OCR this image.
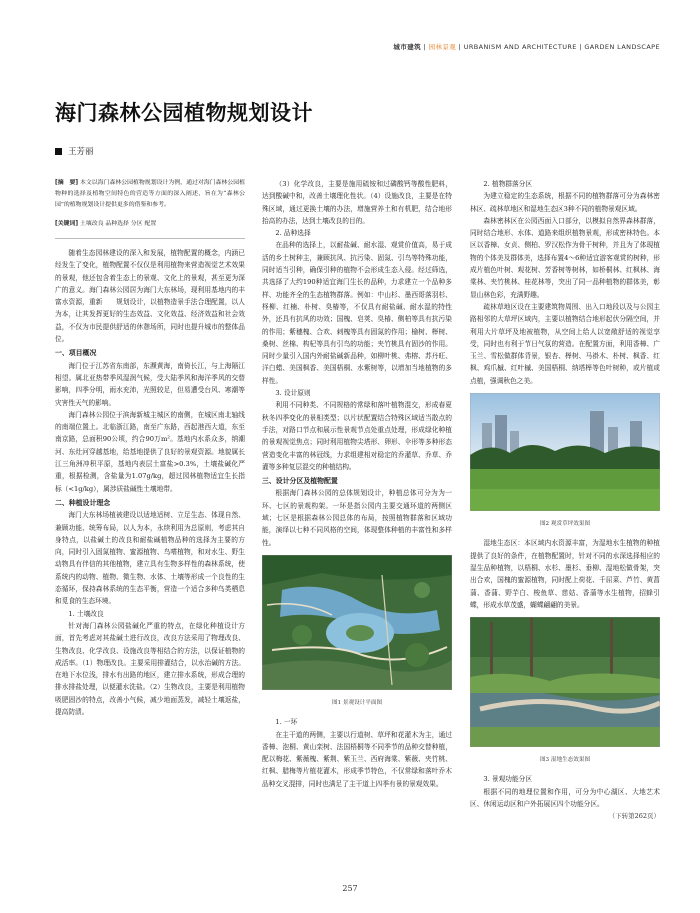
城市建筑 | 园林景观 | URBANISM AND ARCHITECTURE | GARDEN LANDSCAPE
海门森林公园植物规划设计
王芳丽

[摘　要] 本文以海门森林公园植物规划设计为例，通过对海门森林公园植物种的选择及植物空间特色的营造等方面的深入阐述，旨在为“森林公园”的植物规划设计提供更多的借鉴和参考。

[关键词] 土壤改良 品种选择 分区 配置

随着生态园林建设的深入和发展，植物配置的概念，内涵已经发生了变化，植物配置不仅仅是利用植物来营造视觉艺术效果的景观，他还包含着生态上的景观、文化上的景观，甚至更为深广的意义。海门森林公园居为海门大东林场，现利用基地内的丰富水资源，重新　　规划设计，以植物造景手法合理配置，以人为本，让其发挥更好的生态效益、文化效益、经济效益和社会效益，不仅为市民提供舒适的休憩场所，同时也提升城市的整体品位。

一、项目概况

海门位于江苏省东南部，东濒黄海，南倚长江，与上海隔江相望。属北亚热带季风湿润气候，受大陆季风和海洋季风的交替影响，四季分明，雨水充沛，光照较足，但易遭受台风、寒潮等灾害性天气的影响。

海门森林公园位于滨海新城主城区的南侧，在城区南北轴线的南端位置上。北临浙江路，南至广东路，西起港西大道，东至南京路，总面积90公顷，约合90万m²。基地内水系众多，纳潮河、东灶河穿越基地，给基地提供了良好的景观资源。地貌属长江三角洲冲积平原，基地内表层土富盐>0.3%，土壤盐碱化严重，根据检测，含盐量为1.07g/kg，超过园林植物适宜生长指标（<1g/kg），属涉质盐碱性土壤地带。

二、种植设计理念

海门大东林场植被建设以适地适树、立足生态、体现自然、兼顾功能、统筹布局，以人为本，永续利用为总原则，考虑其自身特点，以盐碱土的改良和耐盐碱植物品种的选择为主要的方向，同时引入固氮植物、蜜源植物、鸟嗜植物，和对水生、野生动物具有伴信的其他植物，建立具有生物多样性的森林系统，使系统内的动物、植物、微生物、水体、土壤等形成一个良性的生态循环，保持森林系统的生态平衡，营造一个适合多种鸟类栖息和觅食的生态环境。

1. 土壤改良

针对海门森林公园盐碱化严重的特点，在绿化种植设计方面，首先考虑对其盐碱土进行改良，改良方法采用了物理改良、生物改良、化学改良、设施改良等相结合的方法，以保证植物的成活率。（1）物理改良。主要采用排灌结合，以水治碱的方法。在地下水位浅，排水有出路的地区，建立排水系统，形成合理的排水排盐处理，以便灌水洗盐。（2）生物改良，主要是利用植物吸肥固沙的特点，改善小气候，减少地面蒸发，减轻土壤返盐，提高防渍。

（3）化学改良，主要是施用硫铵和过磷酸钙等酸性肥料，达到酸碱中和，改善土壤理化性状。（4）设施改良，主要是在特殊区域，通过更换土壤的办法，增施营养土和有机肥，结合地形抬高的办法，达到土壤改良的目的。

2. 品种选择

在品种的选择上，以耐盐碱、耐水湿、观赏价值高，易于成活的乡土树种主，兼顾抗风、抗污染、固氮、引鸟等特殊功能，同时适当引种，确保引种的植物不会形成生态入侵。经过筛选，共选择了大约190种适宜海门生长的品种，力求建立一个品种多样、功能齐全的生态植物群落。例如：中山杉、墨西哥落羽杉、柽柳、红楠、朴树、臭椿等，不仅具有耐盐碱、耐水湿的特性外，还具有抗风的功效；国槐、皂荚、臭椿、侧柏等具有抗污染的作用；紫穗槐、合欢、刺槐等具有固氮的作用；榆树、榉树、桑树、丝棉、构杞等具有引鸟的功能；夹竹桃具有固沙的作用。同时少量引入国内外耐盐碱新品种，如柳叶桃、弗榕、苏丹旺、洋白蜡、美国枫香、美国梧桐、水紫树等，以增加当地植物的多样性。

3. 设计原则

利用不同种类、不同规格的常绿和落叶植物混交，形成春夏秋冬四季变化的景相类型；以片状配置结合特殊区域适当散点的手法，对路口节点和展示性景观节点处重点处理，形成绿化种植的景观视觉焦点；同时利用植物尖塔形、卵形、伞形等多种形态营造变化丰富的林冠线，力求组建相对稳定的乔灌草、乔草、乔灌等多种复层混交的种植结构。

三、设计分区及植物配置

根据海门森林公园的总体规划设计，种植总体可分为为一环、七区的景观构架。一环是指公园内主要交通环道的两侧区域；七区是根据森林公园总体的布局，按照植物群落和区域功能，演绎以七种不同风格的空间，体现整体种植的丰富性和多样性。

图1 景观设计平面图

1. 一环

在主干道的两侧，主要以行道树、草坪和花灌木为主，通过香樟、泡桐、黄山栾树、法国梧桐等不同季节的品种交替种植，配以梅花、紫薇槐、紫荆、紫玉兰、西府海棠、紫薇、夹竹桃、红枫、腊梅等片植花灌木，形成季节特色，不仅常绿和落叶乔木品种交叉混排，同时也满足了主干道上四季有景的景观效果。

2. 植物群落分区

为建立稳定的生态系统，根据不同的植物群落可分为森林密林区、疏林草地区和湿地生态区3种不同的植物景观区域。

森林密林区在公园西面入口部分，以模拟自然界森林群落，同时结合地形、水体、道路来组织植物景观，形成密林特色。本区以香樟、女贞、侧柏、罗汉松作为骨干树种，并且为了体现植物的个体美及群体美，选择布置4～6种适宜游客观赏的树种，形成片植色叶树、观花树、芳香树等树林，如桥桐林、红枫林、海棠林、夹竹桃林、桂花林等，突出了同一品种植物的群体美，彰显山林色彩，充满野趣。

疏林草地区设在主要建筑物周围、出入口地段以及与公园主路相邻的大草坪区域内，主要以植物结合地形起伏分隔空间，并利用大片草坪及地被植物，从空间上给人以宽敞舒适的视觉享受，同时也有利于节日气氛的营造。在配置方面，利用香樟、广玉兰、雪松做群体背景，银杏、榉树、马褂木、朴树、枫香、红枫、鸡爪槭、红叶槭、美国梧桐、纳塔榉等色叶树种，或片植或点植，强调秋色之美。

图2 观赏草坪效果图

湿地生态区：本区域内水资源丰富，为湿地水生植物的种植提供了良好的条件，在植物配置时，针对不同的水深选择相应的湿生品种植物，以梧桐、水杉、墨杉、垂柳、湿地松做骨架，突出合欢，国槐的蜜源植物，同时配上荷花、千屈菜、芦竹、黄菖蒲、香蒲、野芋白、梭鱼草、慈姑、香蒲等水生植物，招蜂引蝶，形成水草茂盛，蝴蝶翩翩的美景。

图3 湿地生态效果图

3. 景观功能分区

根据不同的地理位置和作用，可分为中心湖区、大地艺术区、休闲运动区和户外拓展区四个功能分区。

（下转第262页）

257
